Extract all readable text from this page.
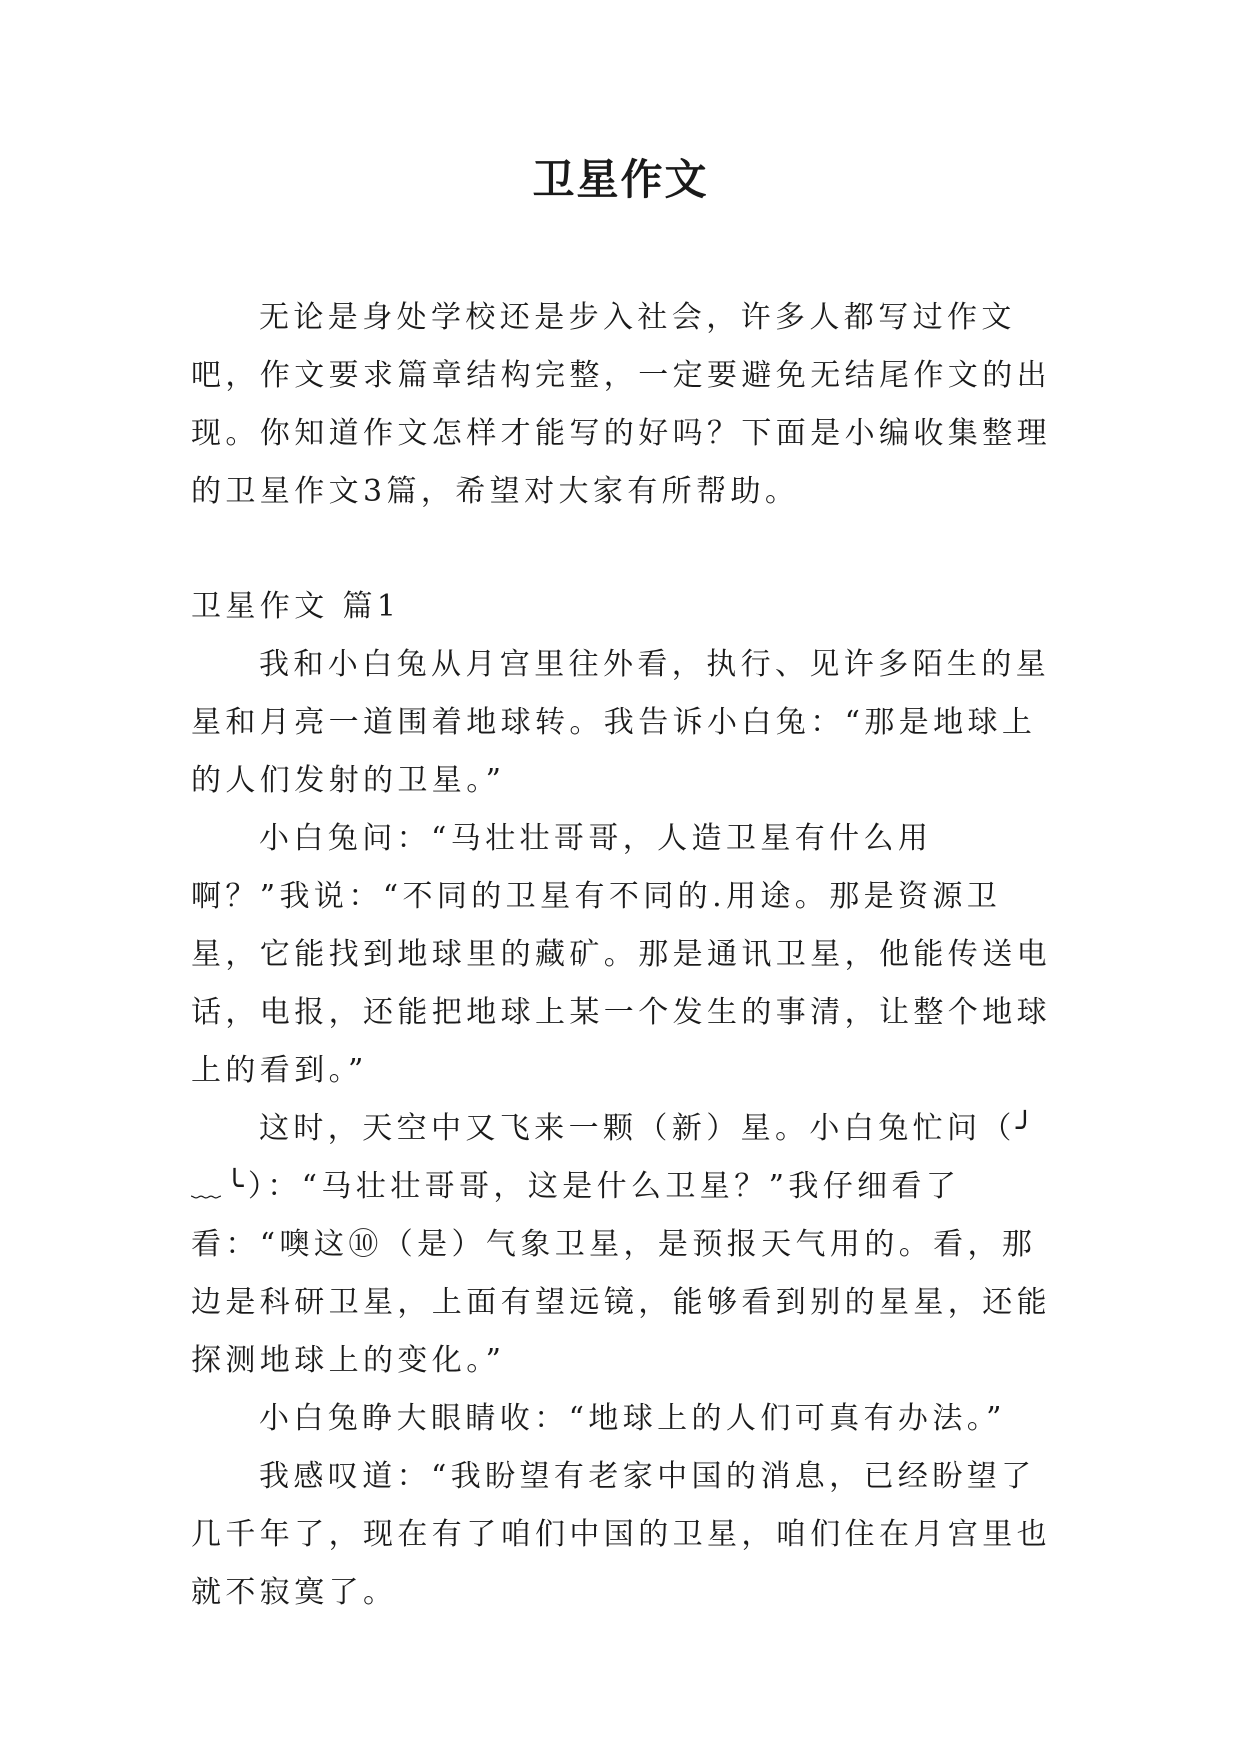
卫星作文

无论是身处学校还是步入社会，许多人都写过作文吧，作文要求篇章结构完整，一定要避免无结尾作文的出现。你知道作文怎样才能写的好吗？下面是小编收集整理的卫星作文3篇，希望对大家有所帮助。

卫星作文 篇1

我和小白兔从月宫里往外看，执行、见许多陌生的星星和月亮一道围着地球转。我告诉小白兔：“那是地球上的人们发射的卫星。”

小白兔问：“马壮壮哥哥，人造卫星有什么用啊？”我说：“不同的卫星有不同的.用途。那是资源卫星，它能找到地球里的藏矿。那是通讯卫星，他能传送电话，电报，还能把地球上某一个发生的事清，让整个地球上的看到。”

这时，天空中又飞来一颗（新）星。小白兔忙问（╯﹏╰）：“马壮壮哥哥，这是什么卫星？”我仔细看了看：“噢这⑩（是）气象卫星，是预报天气用的。看，那边是科研卫星，上面有望远镜，能够看到别的星星，还能探测地球上的变化。”

小白兔睁大眼睛收：“地球上的人们可真有办法。”

我感叹道：“我盼望有老家中国的消息，已经盼望了几千年了，现在有了咱们中国的卫星，咱们住在月宫里也就不寂寞了。
